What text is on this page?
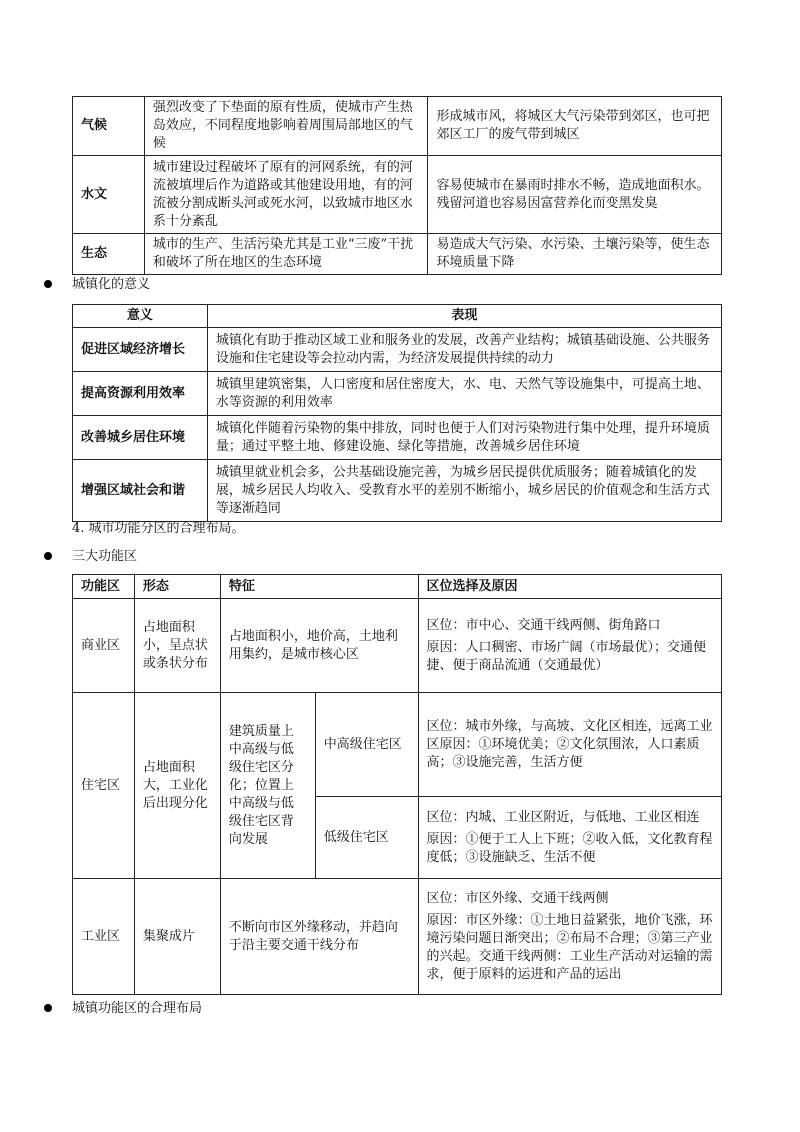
气候	强烈改变了下垫面的原有性质，使城市产生热岛效应，不同程度地影响着周围局部地区的气候	形成城市风，将城区大气污染带到郊区，也可把郊区工厂的废气带到城区
水文	城市建设过程破坏了原有的河网系统，有的河流被填埋后作为道路或其他建设用地，有的河流被分割成断头河或死水河，以致城市地区水系十分紊乱	容易使城市在暴雨时排水不畅，造成地面积水。残留河道也容易因富营养化而变黑发臭
生态	城市的生产、生活污染尤其是工业“三废”干扰和破坏了所在地区的生态环境	易造成大气污染、水污染、土壤污染等，使生态环境质量下降
城镇化的意义
意义	表现
促进区域经济增长	城镇化有助于推动区域工业和服务业的发展，改善产业结构；城镇基础设施、公共服务设施和住宅建设等会拉动内需，为经济发展提供持续的动力
提高资源利用效率	城镇里建筑密集，人口密度和居住密度大，水、电、天然气等设施集中，可提高土地、水等资源的利用效率
改善城乡居住环境	城镇化伴随着污染物的集中排放，同时也便于人们对污染物进行集中处理，提升环境质量；通过平整土地、修建设施、绿化等措施，改善城乡居住环境
增强区域社会和谐	城镇里就业机会多，公共基础设施完善，为城乡居民提供优质服务；随着城镇化的发展，城乡居民人均收入、受教育水平的差别不断缩小，城乡居民的价值观念和生活方式等逐渐趋同
4. 城市功能分区的合理布局。
三大功能区
功能区	形态	特征		区位选择及原因
商业区	占地面积小，呈点状或条状分布	占地面积小，地价高，土地利用集约，是城市核心区		区位：市中心、交通干线两侧、街角路口
原因：人口稠密、市场广阔（市场最优）；交通便捷、便于商品流通（交通最优）

住宅区	占地面积大，工业化后出现分化	建筑质量上中高级与低级住宅区分化；位置上中高级与低级住宅区背向发展	中高级住宅区	区位：城市外缘，与高坡、文化区相连，远离工业区原因：①环境优美；②文化氛围浓，人口素质高；③设施完善，生活方便
			低级住宅区	区位：内城、工业区附近，与低地、工业区相连
原因：①便于工人上下班；②收入低，文化教育程度低；③设施缺乏、生活不便

工业区	集聚成片	不断向市区外缘移动，并趋向于沿主要交通干线分布		区位：市区外缘、交通干线两侧
原因：市区外缘：①土地日益紧张，地价飞涨，环境污染问题日渐突出；②布局不合理；③第三产业的兴起。交通干线两侧：工业生产活动对运输的需求，便于原料的运进和产品的运出
城镇功能区的合理布局
